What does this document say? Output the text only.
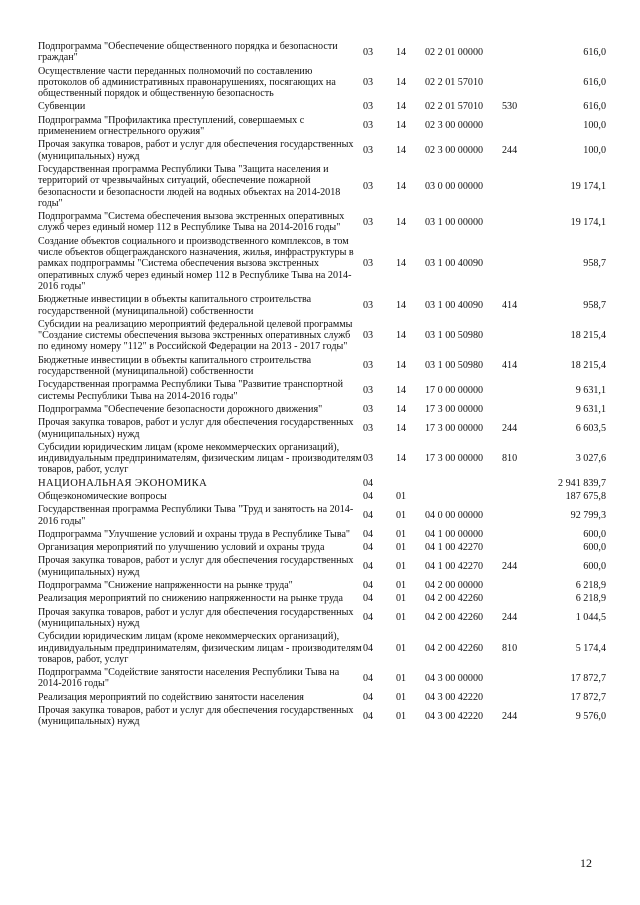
Подпрограмма "Обеспечение общественного порядка и безопасности граждан"	03	14	02 2 01 00000		616,0
Осуществление части переданных полномочий по составлению протоколов об административных правонарушениях, посягающих на общественный порядок и общественную безопасность	03	14	02 2 01 57010		616,0
Субвенции	03	14	02 2 01 57010	530	616,0
Подпрограмма "Профилактика преступлений, совершаемых с применением огнестрельного оружия"	03	14	02 3 00 00000		100,0
Прочая закупка товаров, работ и услуг для обеспечения государственных (муниципальных) нужд	03	14	02 3 00 00000	244	100,0
Государственная программа Республики Тыва "Защита населения и территорий от чрезвычайных ситуаций, обеспечение пожарной безопасности и безопасности людей на водных объектах на 2014-2018 годы"	03	14	03 0 00 00000		19 174,1
Подпрограмма "Система обеспечения вызова экстренных оперативных служб через единый номер 112 в Республике Тыва на 2014-2016 годы"	03	14	03 1 00 00000		19 174,1
Создание объектов социального и производственного комплексов, в том числе объектов общегражданского назначения, жилья, инфраструктуры в рамках подпрограммы "Система обеспечения вызова экстренных оперативных служб через единый номер 112 в Республике Тыва на 2014-2016 годы"	03	14	03 1 00 40090		958,7
Бюджетные инвестиции в объекты капитального строительства государственной (муниципальной) собственности	03	14	03 1 00 40090	414	958,7
Субсидии на реализацию мероприятий федеральной целевой программы "Создание системы обеспечения вызова экстренных оперативных служб по единому номеру "112" в Российской Федерации на 2013 - 2017 годы"	03	14	03 1 00 50980		18 215,4
Бюджетные инвестиции в объекты капитального строительства государственной (муниципальной) собственности	03	14	03 1 00 50980	414	18 215,4
Государственная программа Республики Тыва "Развитие транспортной системы Республики Тыва на 2014-2016 годы"	03	14	17 0 00 00000		9 631,1
Подпрограмма "Обеспечение безопасности дорожного движения"	03	14	17 3 00 00000		9 631,1
Прочая закупка товаров, работ и услуг для обеспечения государственных (муниципальных) нужд	03	14	17 3 00 00000	244	6 603,5
Субсидии юридическим лицам (кроме некоммерческих организаций), индивидуальным предпринимателям, физическим лицам - производителям товаров, работ, услуг	03	14	17 3 00 00000	810	3 027,6
НАЦИОНАЛЬНАЯ ЭКОНОМИКА	04				2 941 839,7
Общеэкономические вопросы	04	01			187 675,8
Государственная программа Республики Тыва "Труд и занятость на 2014-2016 годы"	04	01	04 0 00 00000		92 799,3
Подпрограмма "Улучшение условий и охраны труда в Республике Тыва"	04	01	04 1 00 00000		600,0
Организация мероприятий по улучшению условий и охраны труда	04	01	04 1 00 42270		600,0
Прочая закупка товаров, работ и услуг для обеспечения государственных (муниципальных) нужд	04	01	04 1 00 42270	244	600,0
Подпрограмма "Снижение напряженности на рынке труда"	04	01	04 2 00 00000		6 218,9
Реализация мероприятий по снижению напряженности на рынке труда	04	01	04 2 00 42260		6 218,9
Прочая закупка товаров, работ и услуг для обеспечения государственных (муниципальных) нужд	04	01	04 2 00 42260	244	1 044,5
Субсидии юридическим лицам (кроме некоммерческих организаций), индивидуальным предпринимателям, физическим лицам - производителям товаров, работ, услуг	04	01	04 2 00 42260	810	5 174,4
Подпрограмма "Содействие занятости населения Республики Тыва на 2014-2016 годы"	04	01	04 3 00 00000		17 872,7
Реализация мероприятий по содействию занятости населения	04	01	04 3 00 42220		17 872,7
Прочая закупка товаров, работ и услуг для обеспечения государственных (муниципальных) нужд	04	01	04 3 00 42220	244	9 576,0
12
